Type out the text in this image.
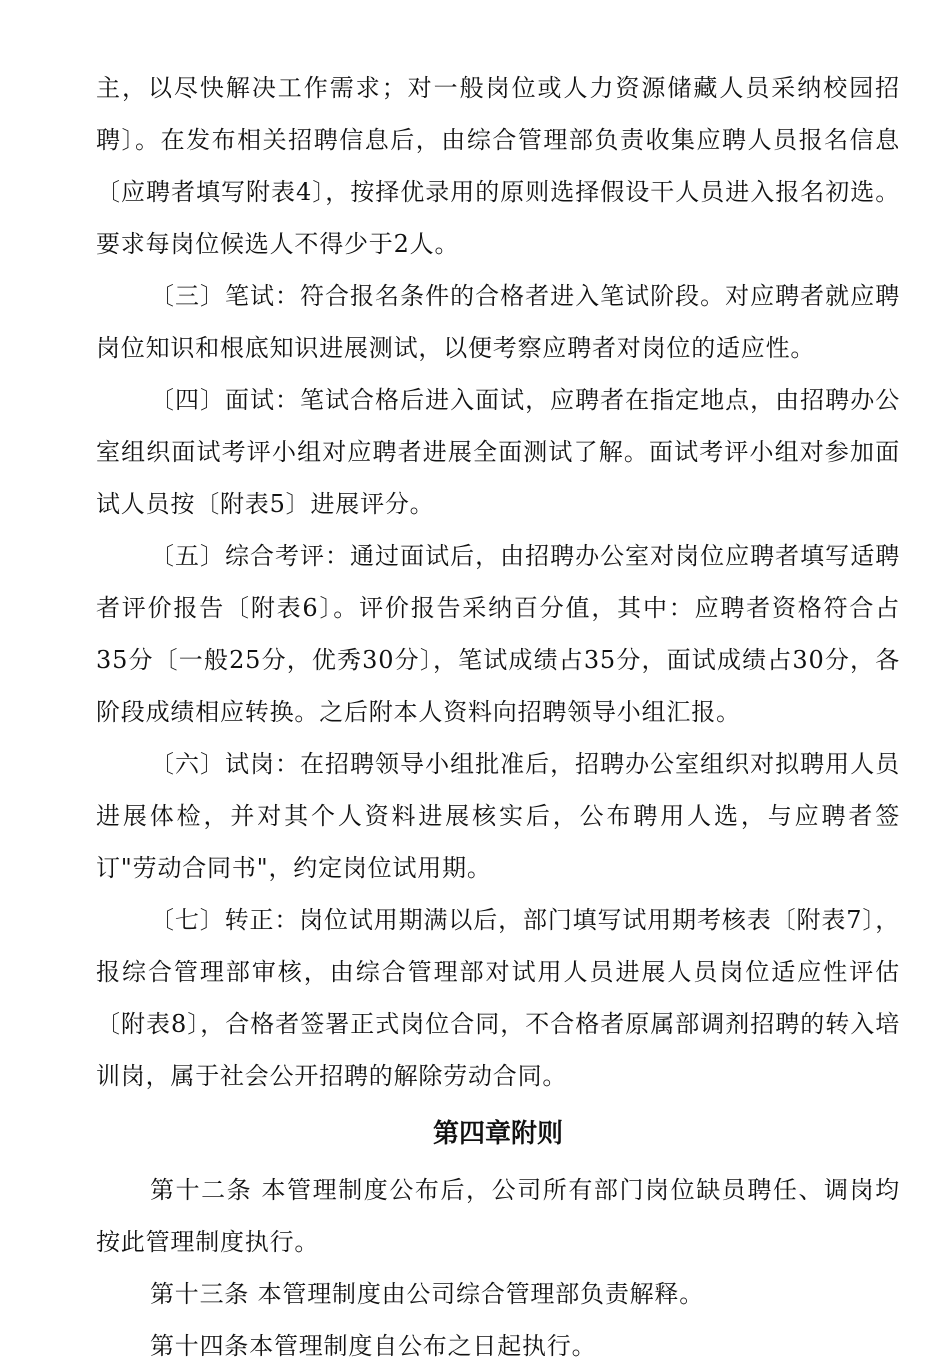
主，以尽快解决工作需求；对一般岗位或人力资源储藏人员采纳校园招聘〕。在发布相关招聘信息后，由综合管理部负责收集应聘人员报名信息〔应聘者填写附表4〕，按择优录用的原则选择假设干人员进入报名初选。要求每岗位候选人不得少于2人。

〔三〕笔试：符合报名条件的合格者进入笔试阶段。对应聘者就应聘岗位知识和根底知识进展测试，以便考察应聘者对岗位的适应性。

〔四〕面试：笔试合格后进入面试，应聘者在指定地点，由招聘办公室组织面试考评小组对应聘者进展全面测试了解。面试考评小组对参加面试人员按〔附表5〕进展评分。

〔五〕综合考评：通过面试后，由招聘办公室对岗位应聘者填写适聘者评价报告〔附表6〕。评价报告采纳百分值，其中：应聘者资格符合占35分〔一般25分，优秀30分〕，笔试成绩占35分，面试成绩占30分，各阶段成绩相应转换。之后附本人资料向招聘领导小组汇报。

〔六〕试岗：在招聘领导小组批准后，招聘办公室组织对拟聘用人员进展体检，并对其个人资料进展核实后，公布聘用人选，与应聘者签订"劳动合同书"，约定岗位试用期。

〔七〕转正：岗位试用期满以后，部门填写试用期考核表〔附表7〕，报综合管理部审核，由综合管理部对试用人员进展人员岗位适应性评估〔附表8〕，合格者签署正式岗位合同，不合格者原属部调剂招聘的转入培训岗，属于社会公开招聘的解除劳动合同。

第四章附则

第十二条 本管理制度公布后，公司所有部门岗位缺员聘任、调岗均按此管理制度执行。

第十三条 本管理制度由公司综合管理部负责解释。

第十四条本管理制度自公布之日起执行。
